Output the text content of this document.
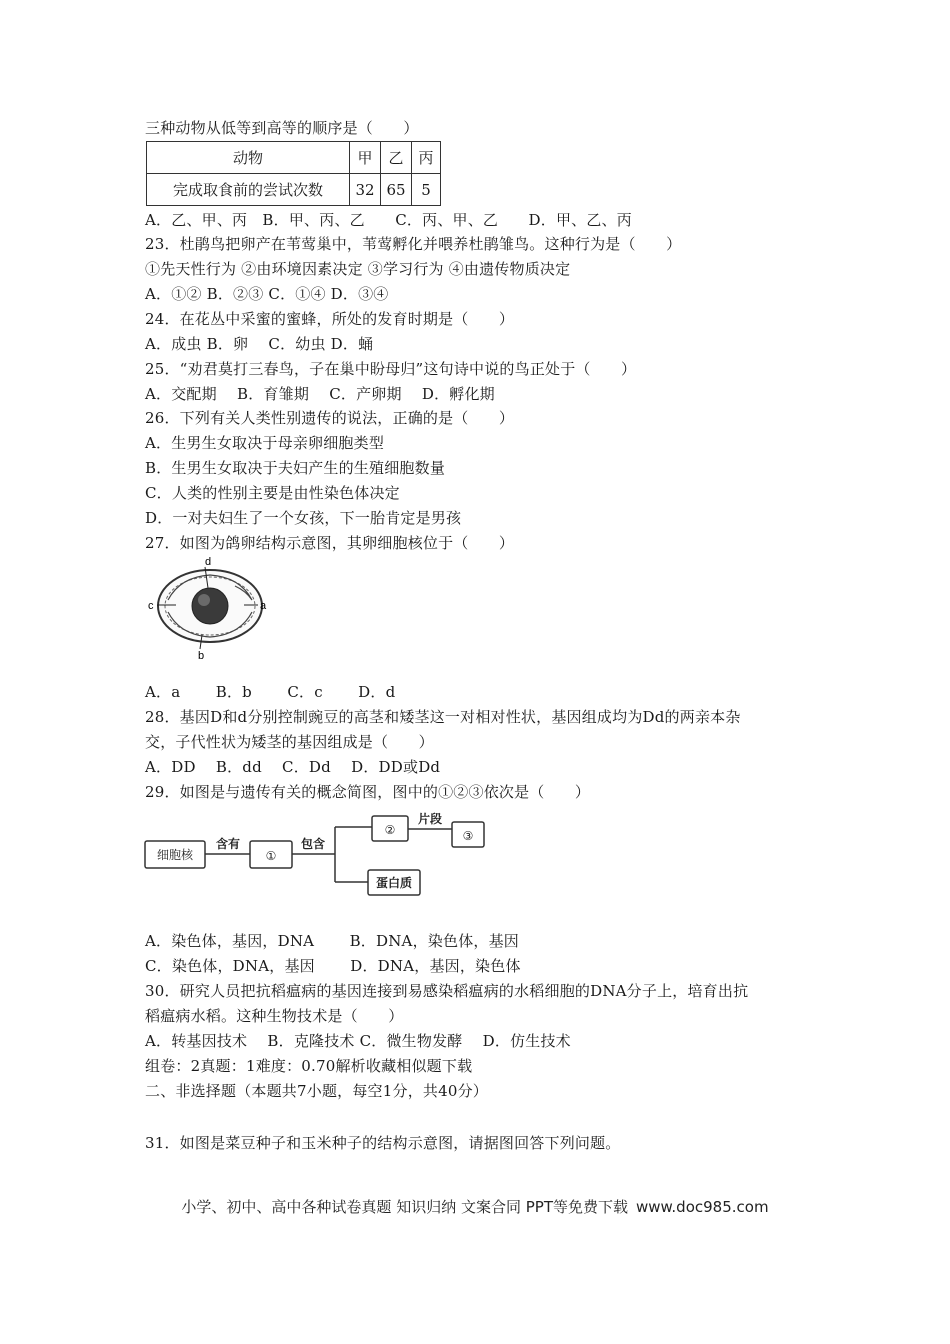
三种动物从低等到高等的顺序是（　　）
动物	甲	乙	丙
完成取食前的尝试次数	32	65	5
A．乙、甲、丙　B．甲、丙、乙　　C．丙、甲、乙　　D．甲、乙、丙
23．杜鹃鸟把卵产在苇莺巢中，苇莺孵化并喂养杜鹃雏鸟。这种行为是（　　）
①先天性行为 ②由环境因素决定 ③学习行为 ④由遗传物质决定
A．①② B．②③ C．①④ D．③④
24．在花丛中采蜜的蜜蜂，所处的发育时期是（　　）
A．成虫 B．卵　 C．幼虫 D．蛹
25．“劝君莫打三春鸟，子在巢中盼母归”这句诗中说的鸟正处于（　　）
A．交配期　 B．育雏期　 C．产卵期　 D．孵化期
26．下列有关人类性别遗传的说法，正确的是（　　）
A．生男生女取决于母亲卵细胞类型
B．生男生女取决于夫妇产生的生殖细胞数量
C．人类的性别主要是由性染色体决定
D．一对夫妇生了一个女孩，下一胎肯定是男孩
27．如图为鸽卵结构示意图，其卵细胞核位于（　　）
d
c	a
b
A．a　　 B．b　　 C．c　　 D．d
28．基因D和d分别控制豌豆的高茎和矮茎这一对相对性状，基因组成均为Dd的两亲本杂
交，子代性状为矮茎的基因组成是（　　）
A．DD　 B．dd　 C．Dd　 D．DD或Dd
29．如图是与遗传有关的概念简图，图中的①②③依次是（　　）
细胞核
含有
①
包含
②
片段
③
蛋白质
A．染色体，基因，DNA　　 B．DNA，染色体，基因
C．染色体，DNA，基因　　 D．DNA，基因，染色体
30．研究人员把抗稻瘟病的基因连接到易感染稻瘟病的水稻细胞的DNA分子上，培育出抗
稻瘟病水稻。这种生物技术是（　　）
A．转基因技术　 B．克隆技术 C．微生物发酵　 D．仿生技术
组卷：2真题：1难度：0.70解析收藏相似题下载
二、非选择题（本题共7小题，每空1分，共40分）
31．如图是菜豆种子和玉米种子的结构示意图，请据图回答下列问题。
小学、初中、高中各种试卷真题 知识归纳 文案合同 PPT等免费下载 www.doc985.com
